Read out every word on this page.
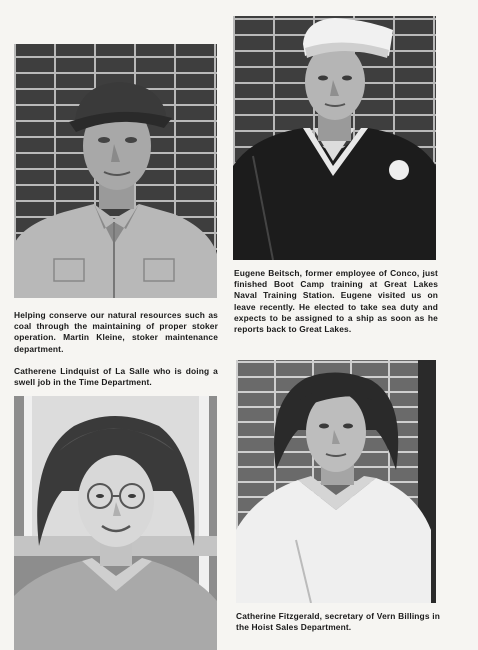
Eugene Beitsch, former employee of Conco, just finished Boot Camp training at Great Lakes Naval Training Station. Eugene visited us on leave recently. He elected to take sea duty and expects to be assigned to a ship as soon as he reports back to Great Lakes.
Helping conserve our natural resources such as coal through the maintaining of proper stoker operation. Martin Kleine, stoker maintenance department.
Catherene Lindquist of La Salle who is doing a swell job in the Time Department.
Catherine Fitzgerald, secretary of Vern Billings in the Hoist Sales Department.
